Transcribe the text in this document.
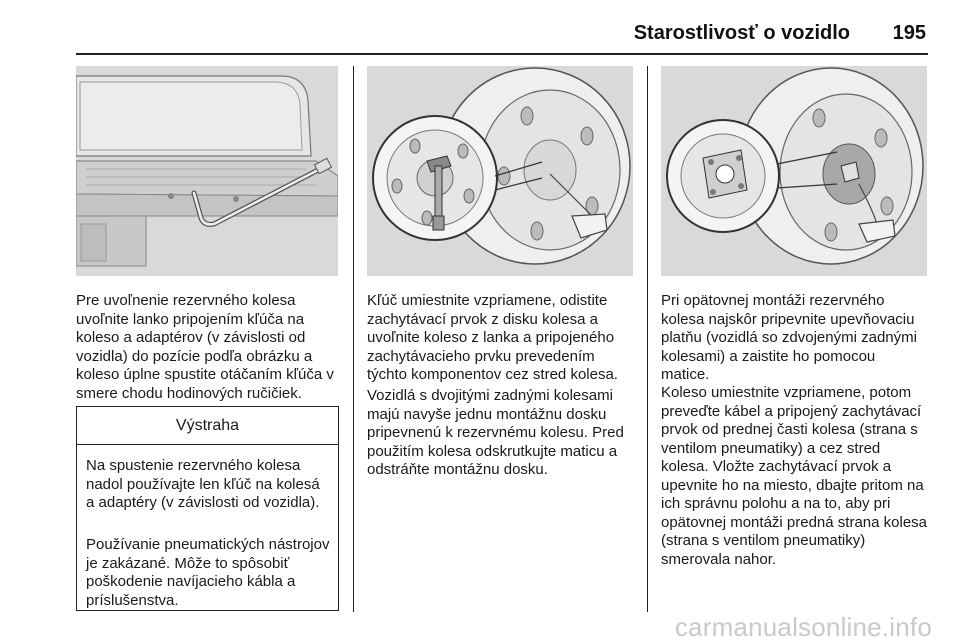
Starostlivosť o vozidlo	195
Pre uvoľnenie rezervného kolesa uvoľnite lanko pripojením kľúča na koleso a adaptérov (v závislosti od vozidla) do pozície podľa obrázku a koleso úplne spustite otáčaním kľúča v smere chodu hodinových ručičiek.
Výstraha
Na spustenie rezervného kolesa nadol používajte len kľúč na kolesá a adaptéry (v závislosti od vozidla).
Používanie pneumatických nástrojov je zakázané. Môže to spôsobiť poškodenie navíjacieho kábla a príslušenstva.
Kľúč umiestnite vzpriamene, odistite zachytávací prvok z disku kolesa a uvoľnite koleso z lanka a pripojeného zachytávacieho prvku prevedením týchto komponentov cez stred kolesa.
Vozidlá s dvojitými zadnými kolesami majú navyše jednu montážnu dosku pripevnenú k rezervnému kolesu. Pred použitím kolesa odskrutkujte maticu a odstráňte montážnu dosku.
Pri opätovnej montáži rezervného kolesa najskôr pripevnite upevňovaciu platňu (vozidlá so zdvojenými zadnými kolesami) a zaistite ho pomocou matice.
Koleso umiestnite vzpriamene, potom preveďte kábel a pripojený zachytávací prvok od prednej časti kolesa (strana s ventilom pneumatiky) a cez stred kolesa. Vložte zachytávací prvok a upevnite ho na miesto, dbajte pritom na ich správnu polohu a na to, aby pri opätovnej montáži predná strana kolesa (strana s ventilom pneumatiky) smerovala nahor.
carmanualsonline.info
